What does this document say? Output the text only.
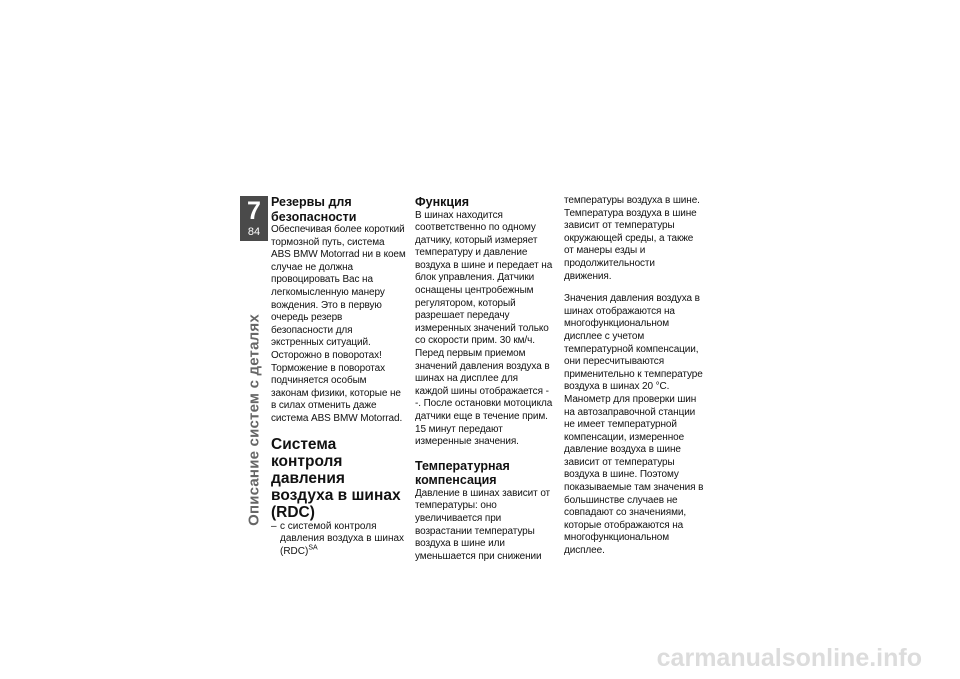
7
84
Описание систем с деталях
Резервы для безопасности

Обеспечивая более короткий тормозной путь, система ABS BMW Motorrad ни в коем случае не должна провоцировать Вас на легкомысленную манеру вождения. Это в первую очередь резерв безопасности для экстренных ситуаций. Осторожно в поворотах! Торможение в поворотах подчиняется особым законам физики, которые не в силах отменить даже система ABS BMW Motorrad.

Система контроля давления воздуха в шинах (RDC)
– с системой контроля давления воздуха в шинах (RDC)$^{SA}$
Функция

В шинах находится соответственно по одному датчику, который измеряет температуру и давление воздуха в шине и передает на блок управления. Датчики оснащены центробежным регулятором, который разрешает передачу измеренных значений только со скорости прим. 30 км/ч. Перед первым приемом значений давления воздуха в шинах на дисплее для каждой шины отображается --. После остановки мотоцикла датчики еще в течение прим. 15 минут передают измеренные значения.

Температурная компенсация

Давление в шинах зависит от температуры: оно увеличивается при возрастании температуры воздуха в шине или уменьшается при снижении

температуры воздуха в шине. Температура воздуха в шине зависит от температуры окружающей среды, а также от манеры езды и продолжительности движения.

Значения давления воздуха в шинах отображаются на многофункциональном дисплее с учетом температурной компенсации, они пересчитываются применительно к температуре воздуха в шинах 20 °C. Манометр для проверки шин на автозаправочной станции не имеет температурной компенсации, измеренное давление воздуха в шине зависит от температуры воздуха в шине. Поэтому показываемые там значения в большинстве случаев не совпадают со значениями, которые отображаются на многофункциональном дисплее.

carmanualsonline.info
